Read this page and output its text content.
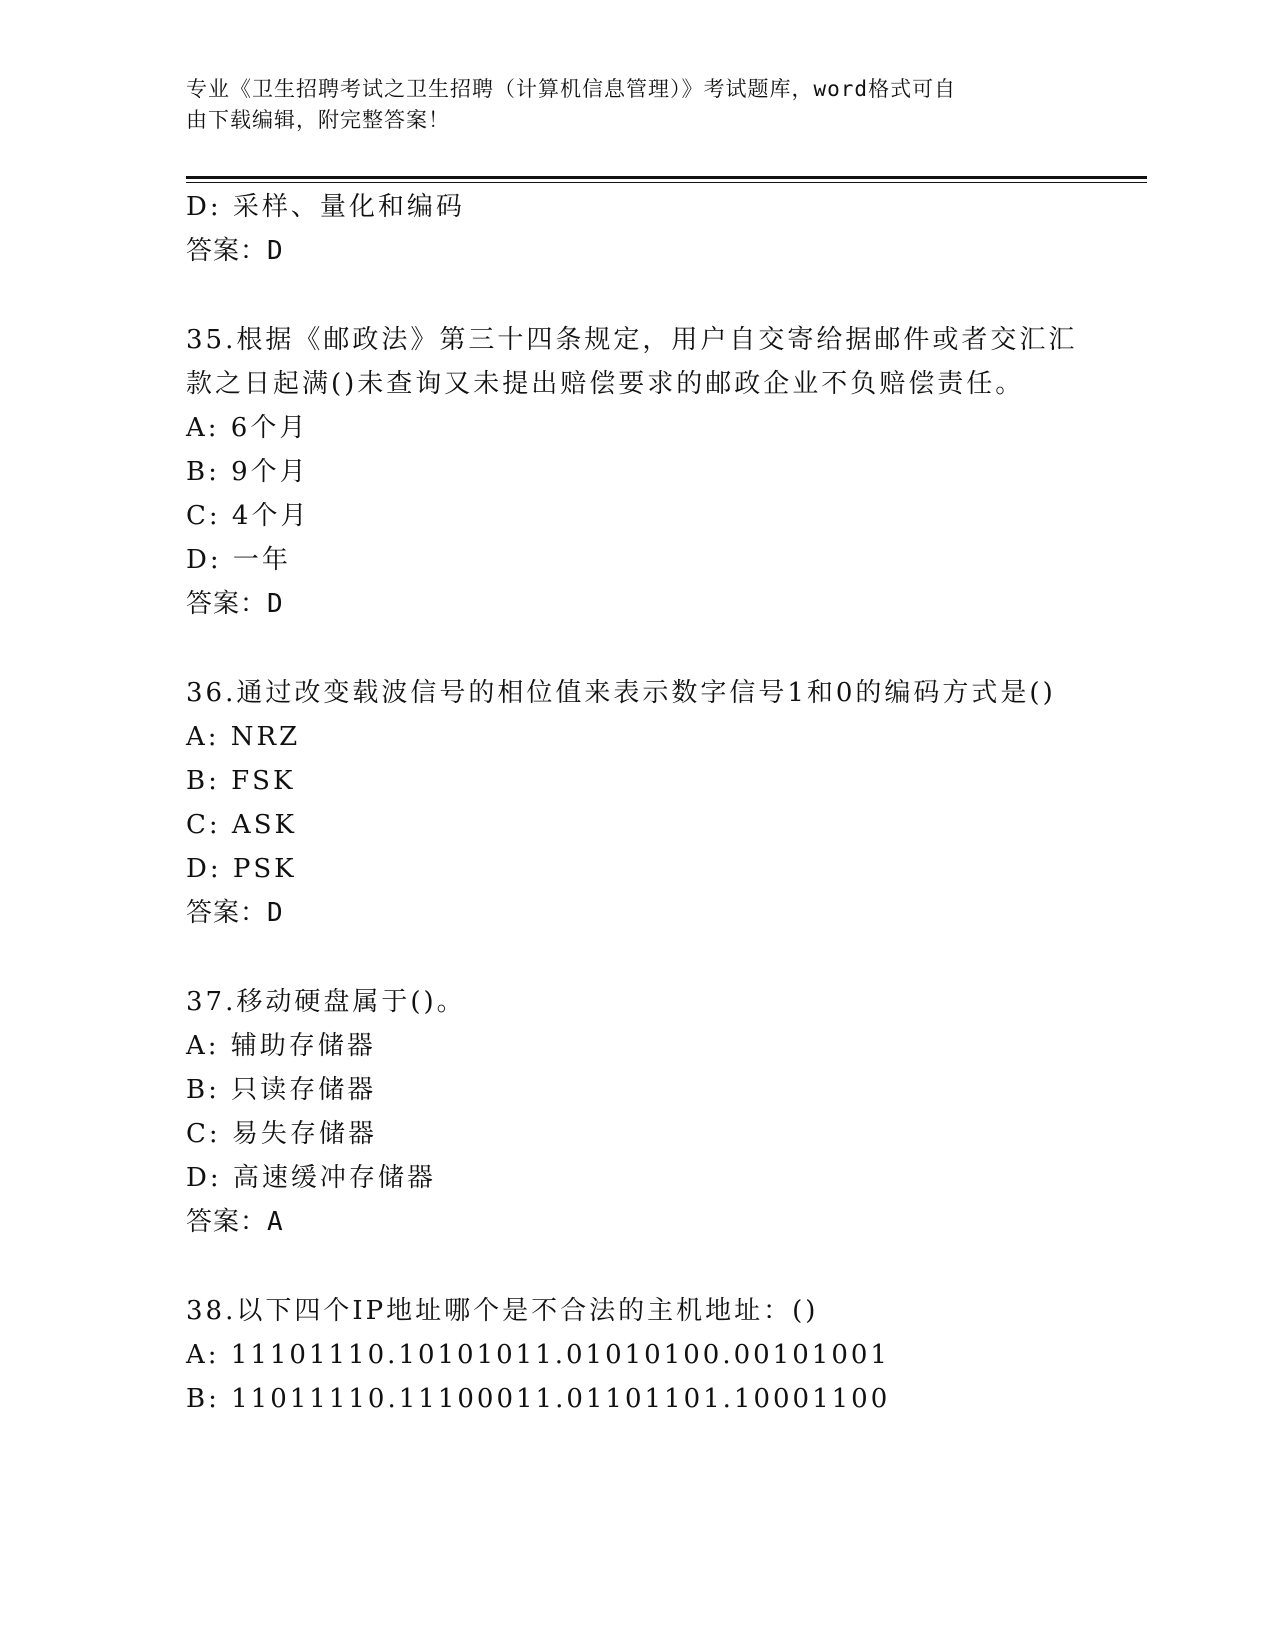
专业《卫生招聘考试之卫生招聘（计算机信息管理）》考试题库，word格式可自
由下载编辑，附完整答案！
D: 采样、量化和编码
答案：D
35.根据《邮政法》第三十四条规定，用户自交寄给据邮件或者交汇汇
款之日起满()未查询又未提出赔偿要求的邮政企业不负赔偿责任。
A: 6个月
B: 9个月
C: 4个月
D: 一年
答案：D
36.通过改变载波信号的相位值来表示数字信号1和0的编码方式是()
A: NRZ
B: FSK
C: ASK
D: PSK
答案：D
37.移动硬盘属于()。
A: 辅助存储器
B: 只读存储器
C: 易失存储器
D: 高速缓冲存储器
答案：A
38.以下四个IP地址哪个是不合法的主机地址：()
A: 11101110.10101011.01010100.00101001
B: 11011110.11100011.01101101.10001100
